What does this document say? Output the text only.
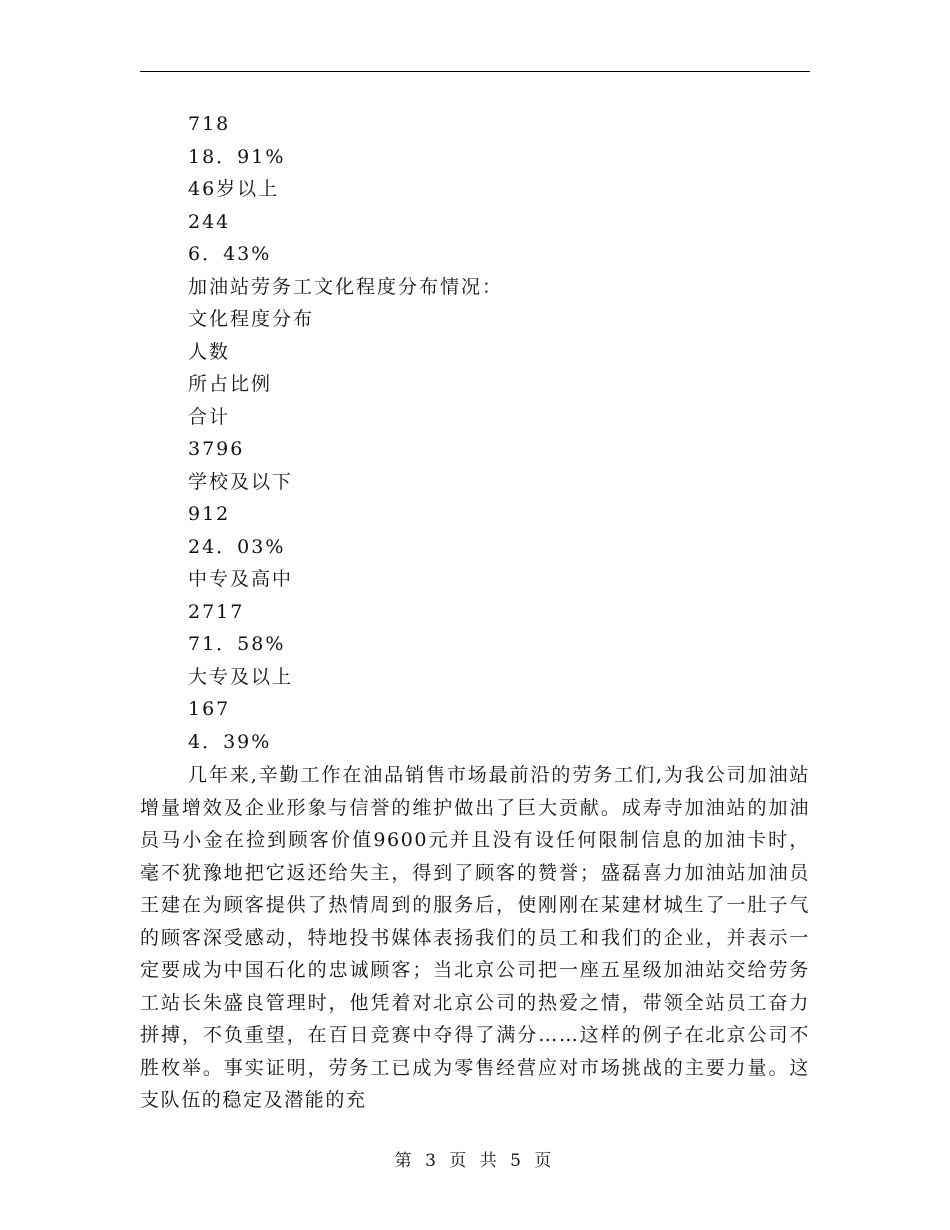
718
18．91%
46岁以上
244
6．43%
加油站劳务工文化程度分布情况：
文化程度分布
人数
所占比例
合计
3796
学校及以下
912
24．03%
中专及高中
2717
71．58%
大专及以上
167
4．39%

几年来,辛勤工作在油品销售市场最前沿的劳务工们,为我公司加油站增量增效及企业形象与信誉的维护做出了巨大贡献。成寿寺加油站的加油员马小金在捡到顾客价值9600元并且没有设任何限制信息的加油卡时，毫不犹豫地把它返还给失主，得到了顾客的赞誉；盛磊喜力加油站加油员王建在为顾客提供了热情周到的服务后，使刚刚在某建材城生了一肚子气的顾客深受感动，特地投书媒体表扬我们的员工和我们的企业，并表示一定要成为中国石化的忠诚顾客；当北京公司把一座五星级加油站交给劳务工站长朱盛良管理时，他凭着对北京公司的热爱之情，带领全站员工奋力拼搏，不负重望，在百日竞赛中夺得了满分……这样的例子在北京公司不胜枚举。事实证明，劳务工已成为零售经营应对市场挑战的主要力量。这支队伍的稳定及潜能的充

第 3 页 共 5 页
